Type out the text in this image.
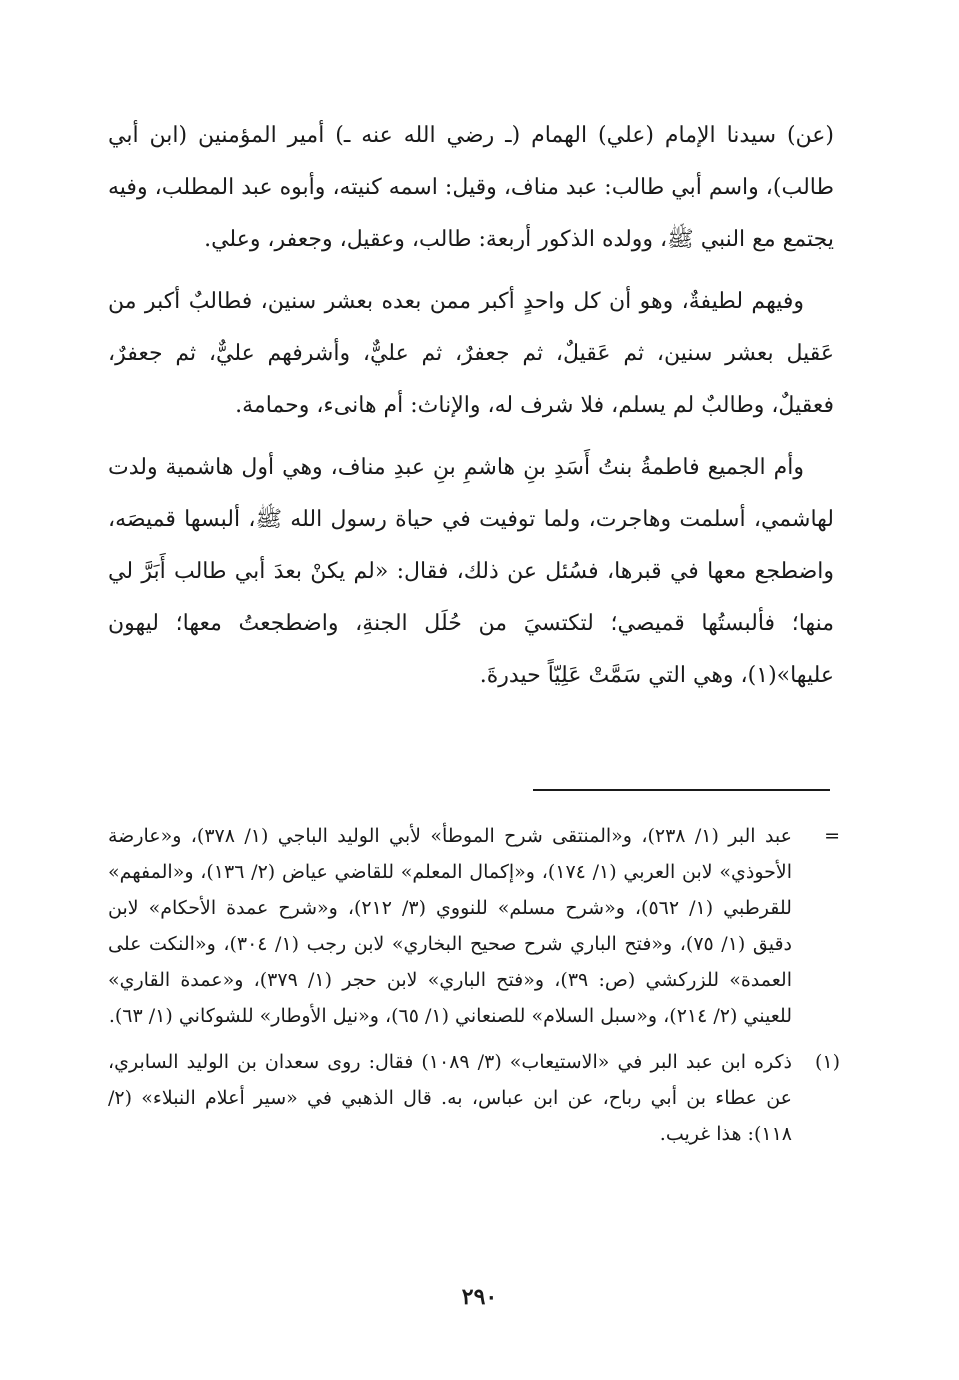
(عن) سيدنا الإمام (علي) الهمام (ـ رضي الله عنه ـ) أمير المؤمنين (ابن أبي طالب)، واسم أبي طالب: عبد مناف، وقيل: اسمه كنيته، وأبوه عبد المطلب، وفيه يجتمع مع النبي ﷺ، وولده الذكور أربعة: طالب، وعقيل، وجعفر، وعلي.

وفيهم لطيفةٌ، وهو أن كل واحدٍ أكبر ممن بعده بعشر سنين، فطالبٌ أكبر من عَقيل بعشر سنين، ثم عَقيلٌ، ثم جعفرٌ، ثم عليٌّ، وأشرفهم عليٌّ، ثم جعفرٌ، فعقيلٌ، وطالبٌ لم يسلم، فلا شرف له، والإناث: أم هانىء، وحمامة.

وأم الجميع فاطمةُ بنتُ أَسَدِ بنِ هاشمِ بنِ عبدِ مناف، وهي أول هاشمية ولدت لهاشمي، أسلمت وهاجرت، ولما توفيت في حياة رسول الله ﷺ، ألبسها قميصَه، واضطجع معها في قبرها، فسُئل عن ذلك، فقال: «لم يكنْ بعدَ أبي طالب أَبَرَّ لي منها؛ فألبستُها قميصي؛ لتكتسيَ من حُلَل الجنةِ، واضطجعتُ معها؛ ليهون عليها»(١)، وهي التي سَمَّتْ عَلِيّاً حيدرةَ.

=
عبد البر (١/ ٢٣٨)، و«المنتقى شرح الموطأ» لأبي الوليد الباجي (١/ ٣٧٨)، و«عارضة الأحوذي» لابن العربي (١/ ١٧٤)، و«إكمال المعلم» للقاضي عياض (٢/ ١٣٦)، و«المفهم» للقرطبي (١/ ٥٦٢)، و«شرح مسلم» للنووي (٣/ ٢١٢)، و«شرح عمدة الأحكام» لابن دقيق (١/ ٧٥)، و«فتح الباري شرح صحيح البخاري» لابن رجب (١/ ٣٠٤)، و«النكت على العمدة» للزركشي (ص: ٣٩)، و«فتح الباري» لابن حجر (١/ ٣٧٩)، و«عمدة القاري» للعيني (٢/ ٢١٤)، و«سبل السلام» للصنعاني (١/ ٦٥)، و«نيل الأوطار» للشوكاني (١/ ٦٣).
(١)
ذكره ابن عبد البر في «الاستيعاب» (٣/ ١٠٨٩) فقال: روى سعدان بن الوليد السابري، عن عطاء بن أبي رباح، عن ابن عباس، به. قال الذهبي في «سير أعلام النبلاء» (٢/ ١١٨): هذا غريب.
٢٩٠
